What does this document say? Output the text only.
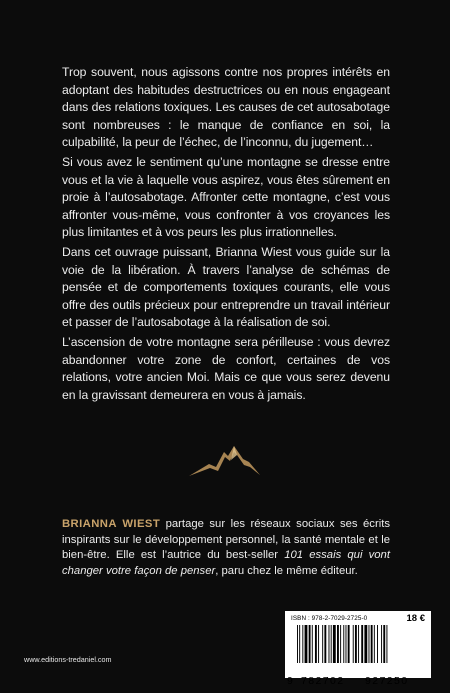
Trop souvent, nous agissons contre nos propres intérêts en adoptant des habitudes destructrices ou en nous engageant dans des relations toxiques. Les causes de cet autosabotage sont nombreuses : le manque de confiance en soi, la culpabilité, la peur de l’échec, de l’inconnu, du jugement…

Si vous avez le sentiment qu’une montagne se dresse entre vous et la vie à laquelle vous aspirez, vous êtes sûrement en proie à l’autosabotage. Affronter cette montagne, c’est vous affronter vous-même, vous confronter à vos croyances les plus limitantes et à vos peurs les plus irrationnelles.

Dans cet ouvrage puissant, Brianna Wiest vous guide sur la voie de la libération. À travers l’analyse de schémas de pensée et de comportements toxiques courants, elle vous offre des outils précieux pour entreprendre un travail intérieur et passer de l’autosabotage à la réalisation de soi.

L’ascension de votre montagne sera périlleuse : vous devrez abandonner votre zone de confort, certaines de vos relations, votre ancien Moi. Mais ce que vous serez devenu en la gravissant demeurera en vous à jamais.

BRIANNA WIEST partage sur les réseaux sociaux ses écrits inspirants sur le développement personnel, la santé mentale et le bien-être. Elle est l’autrice du best-seller 101 essais qui vont changer votre façon de penser, paru chez le même éditeur.

ISBN : 978-2-7029-2725-0	18 €
9 782702 927250
www.editions-tredaniel.com
